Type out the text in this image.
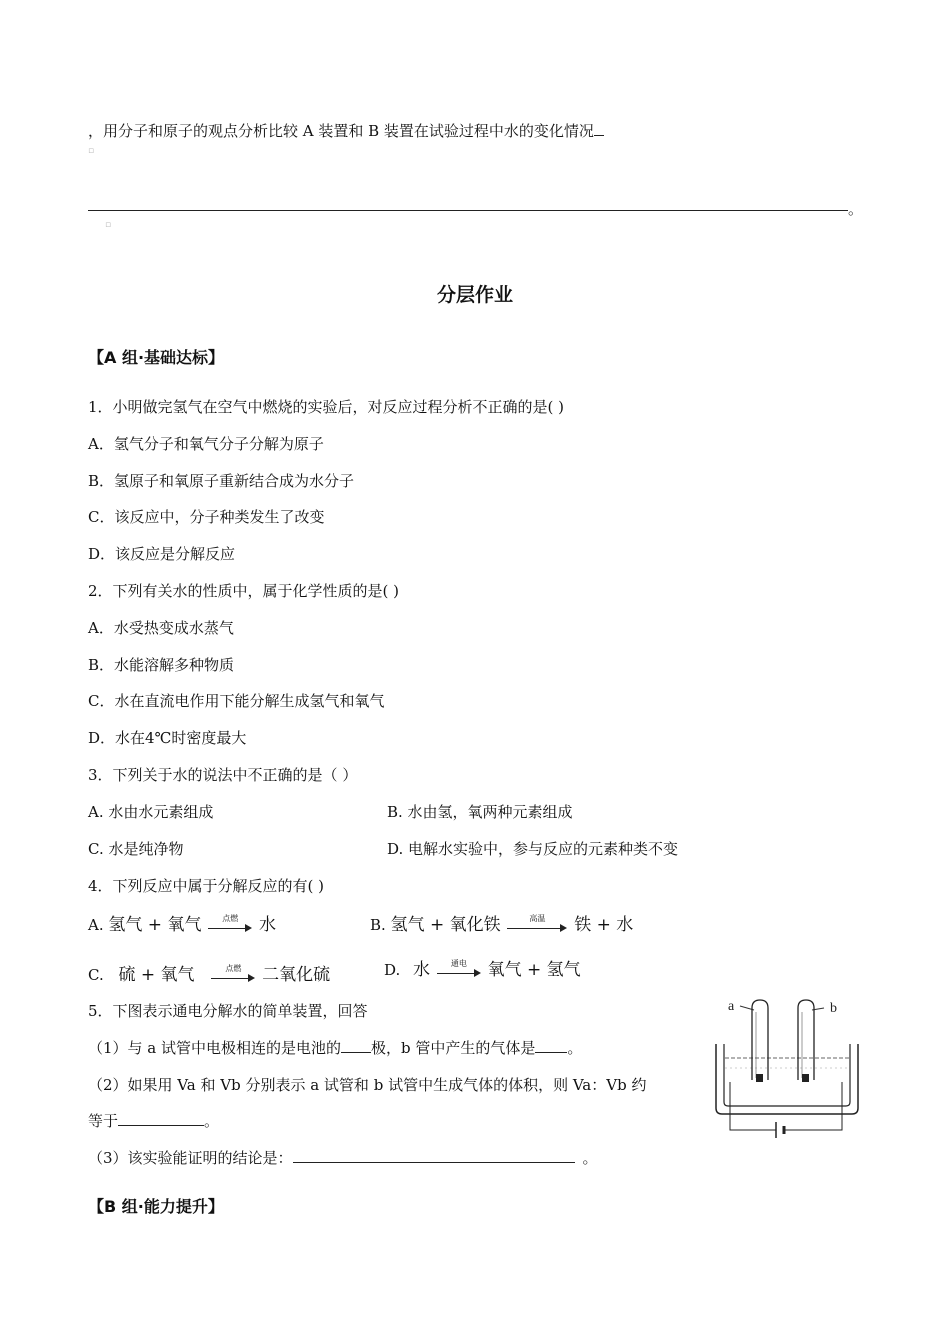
，用分子和原子的观点分析比较 A 装置和 B 装置在试验过程中水的变化情况
▫
。
▫
分层作业
【A 组·基础达标】
1．小明做完氢气在空气中燃烧的实验后，对反应过程分析不正确的是( )
A．氢气分子和氧气分子分解为原子
B．氢原子和氧原子重新结合成为水分子
C．该反应中，分子种类发生了改变
D．该反应是分解反应
2．下列有关水的性质中，属于化学性质的是( )
A．水受热变成水蒸气
B．水能溶解多种物质
C．水在直流电作用下能分解生成氢气和氧气
D．水在4℃时密度最大
3．下列关于水的说法中不正确的是（ ）
A. 水由水元素组成	B. 水由氢，氧两种元素组成
C. 水是纯净物	D. 电解水实验中，参与反应的元素种类不变
4．下列反应中属于分解反应的有( )
A. 氢气 + 氧气	点燃	水	B. 氢气 + 氧化铁	高温	铁 + 水
C. 硫 + 氧气	点燃	二氧化硫	D. 水	通电	氧气 + 氢气
5．下图表示通电分解水的简单装置，回答
（1）与 a 试管中电极相连的是电池的 极，b 管中产生的气体是 。
（2）如果用 Va 和 Vb 分别表示 a 试管和 b 试管中生成气体的体积，则 Va：Vb 约
等于	。
（3）该实验能证明的结论是：	。
a	b
【B 组·能力提升】
